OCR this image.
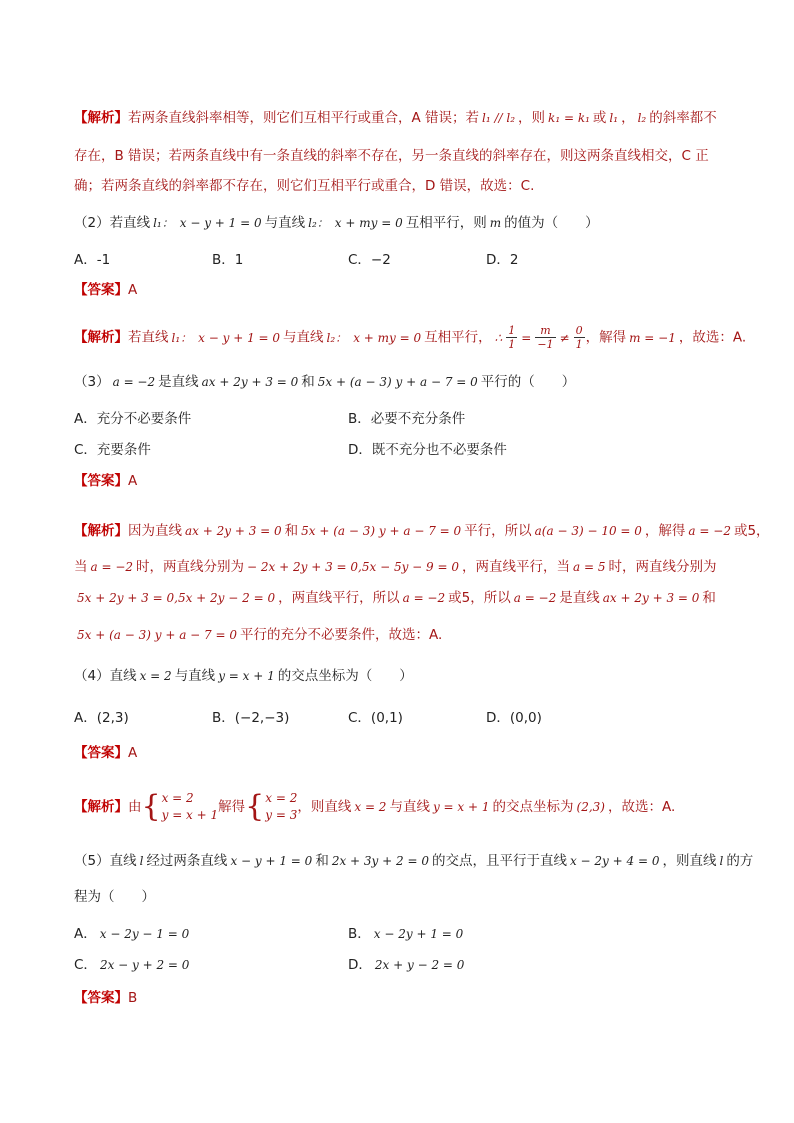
【解析】若两条直线斜率相等，则它们互相平行或重合，A 错误；若 l₁ // l₂ ，则 k₁ = k₁ 或 l₁ ， l₂ 的斜率都不
存在，B 错误；若两条直线中有一条直线的斜率不存在，另一条直线的斜率存在，则这两条直线相交，C 正
确；若两条直线的斜率都不存在，则它们互相平行或重合，D 错误，故选：C.
（2）若直线 l₁： x − y + 1 = 0 与直线 l₂： x + my = 0 互相平行，则 m 的值为（　　）
A．-1	B．1	C．−2	D．2
【答案】A
【解析】若直线 l₁： x − y + 1 = 0 与直线 l₂： x + my = 0 互相平行， ∴ $\frac{1}{1} = \frac{m}{-1} \ne \frac{0}{1}$ ，解得 m = −1 ，故选：A.
（3） a = −2 是直线 ax + 2y + 3 = 0 和 5x + (a − 3) y + a − 7 = 0 平行的（　　）
A．充分不必要条件	B．必要不充分条件
C．充要条件	D．既不充分也不必要条件
【答案】A
【解析】因为直线 ax + 2y + 3 = 0 和 5x + (a − 3) y + a − 7 = 0 平行，所以 a(a − 3) − 10 = 0 ，解得 a = −2 或5，
当 a = −2 时，两直线分别为 − 2x + 2y + 3 = 0,5x − 5y − 9 = 0 ，两直线平行，当 a = 5 时，两直线分别为
5x + 2y + 3 = 0,5x + 2y − 2 = 0 ，两直线平行，所以 a = −2 或5，所以 a = −2 是直线 ax + 2y + 3 = 0 和
5x + (a − 3) y + a − 7 = 0 平行的充分不必要条件，故选：A.
（4）直线 x = 2 与直线 y = x + 1 的交点坐标为（　　）
A．(2,3)	B．(−2,−3)	C．(0,1)	D．(0,0)
【答案】A
【解析】由{ x = 2
y = x + 1 解得{ x = 2
y = 3 ，则直线 x = 2 与直线 y = x + 1 的交点坐标为 (2,3) ，故选：A.
（5）直线 l 经过两条直线 x − y + 1 = 0 和 2x + 3y + 2 = 0 的交点，且平行于直线 x − 2y + 4 = 0 ，则直线 l 的方
程为（　　）
A． x − 2y − 1 = 0	B． x − 2y + 1 = 0
C． 2x − y + 2 = 0	D． 2x + y − 2 = 0
【答案】B
